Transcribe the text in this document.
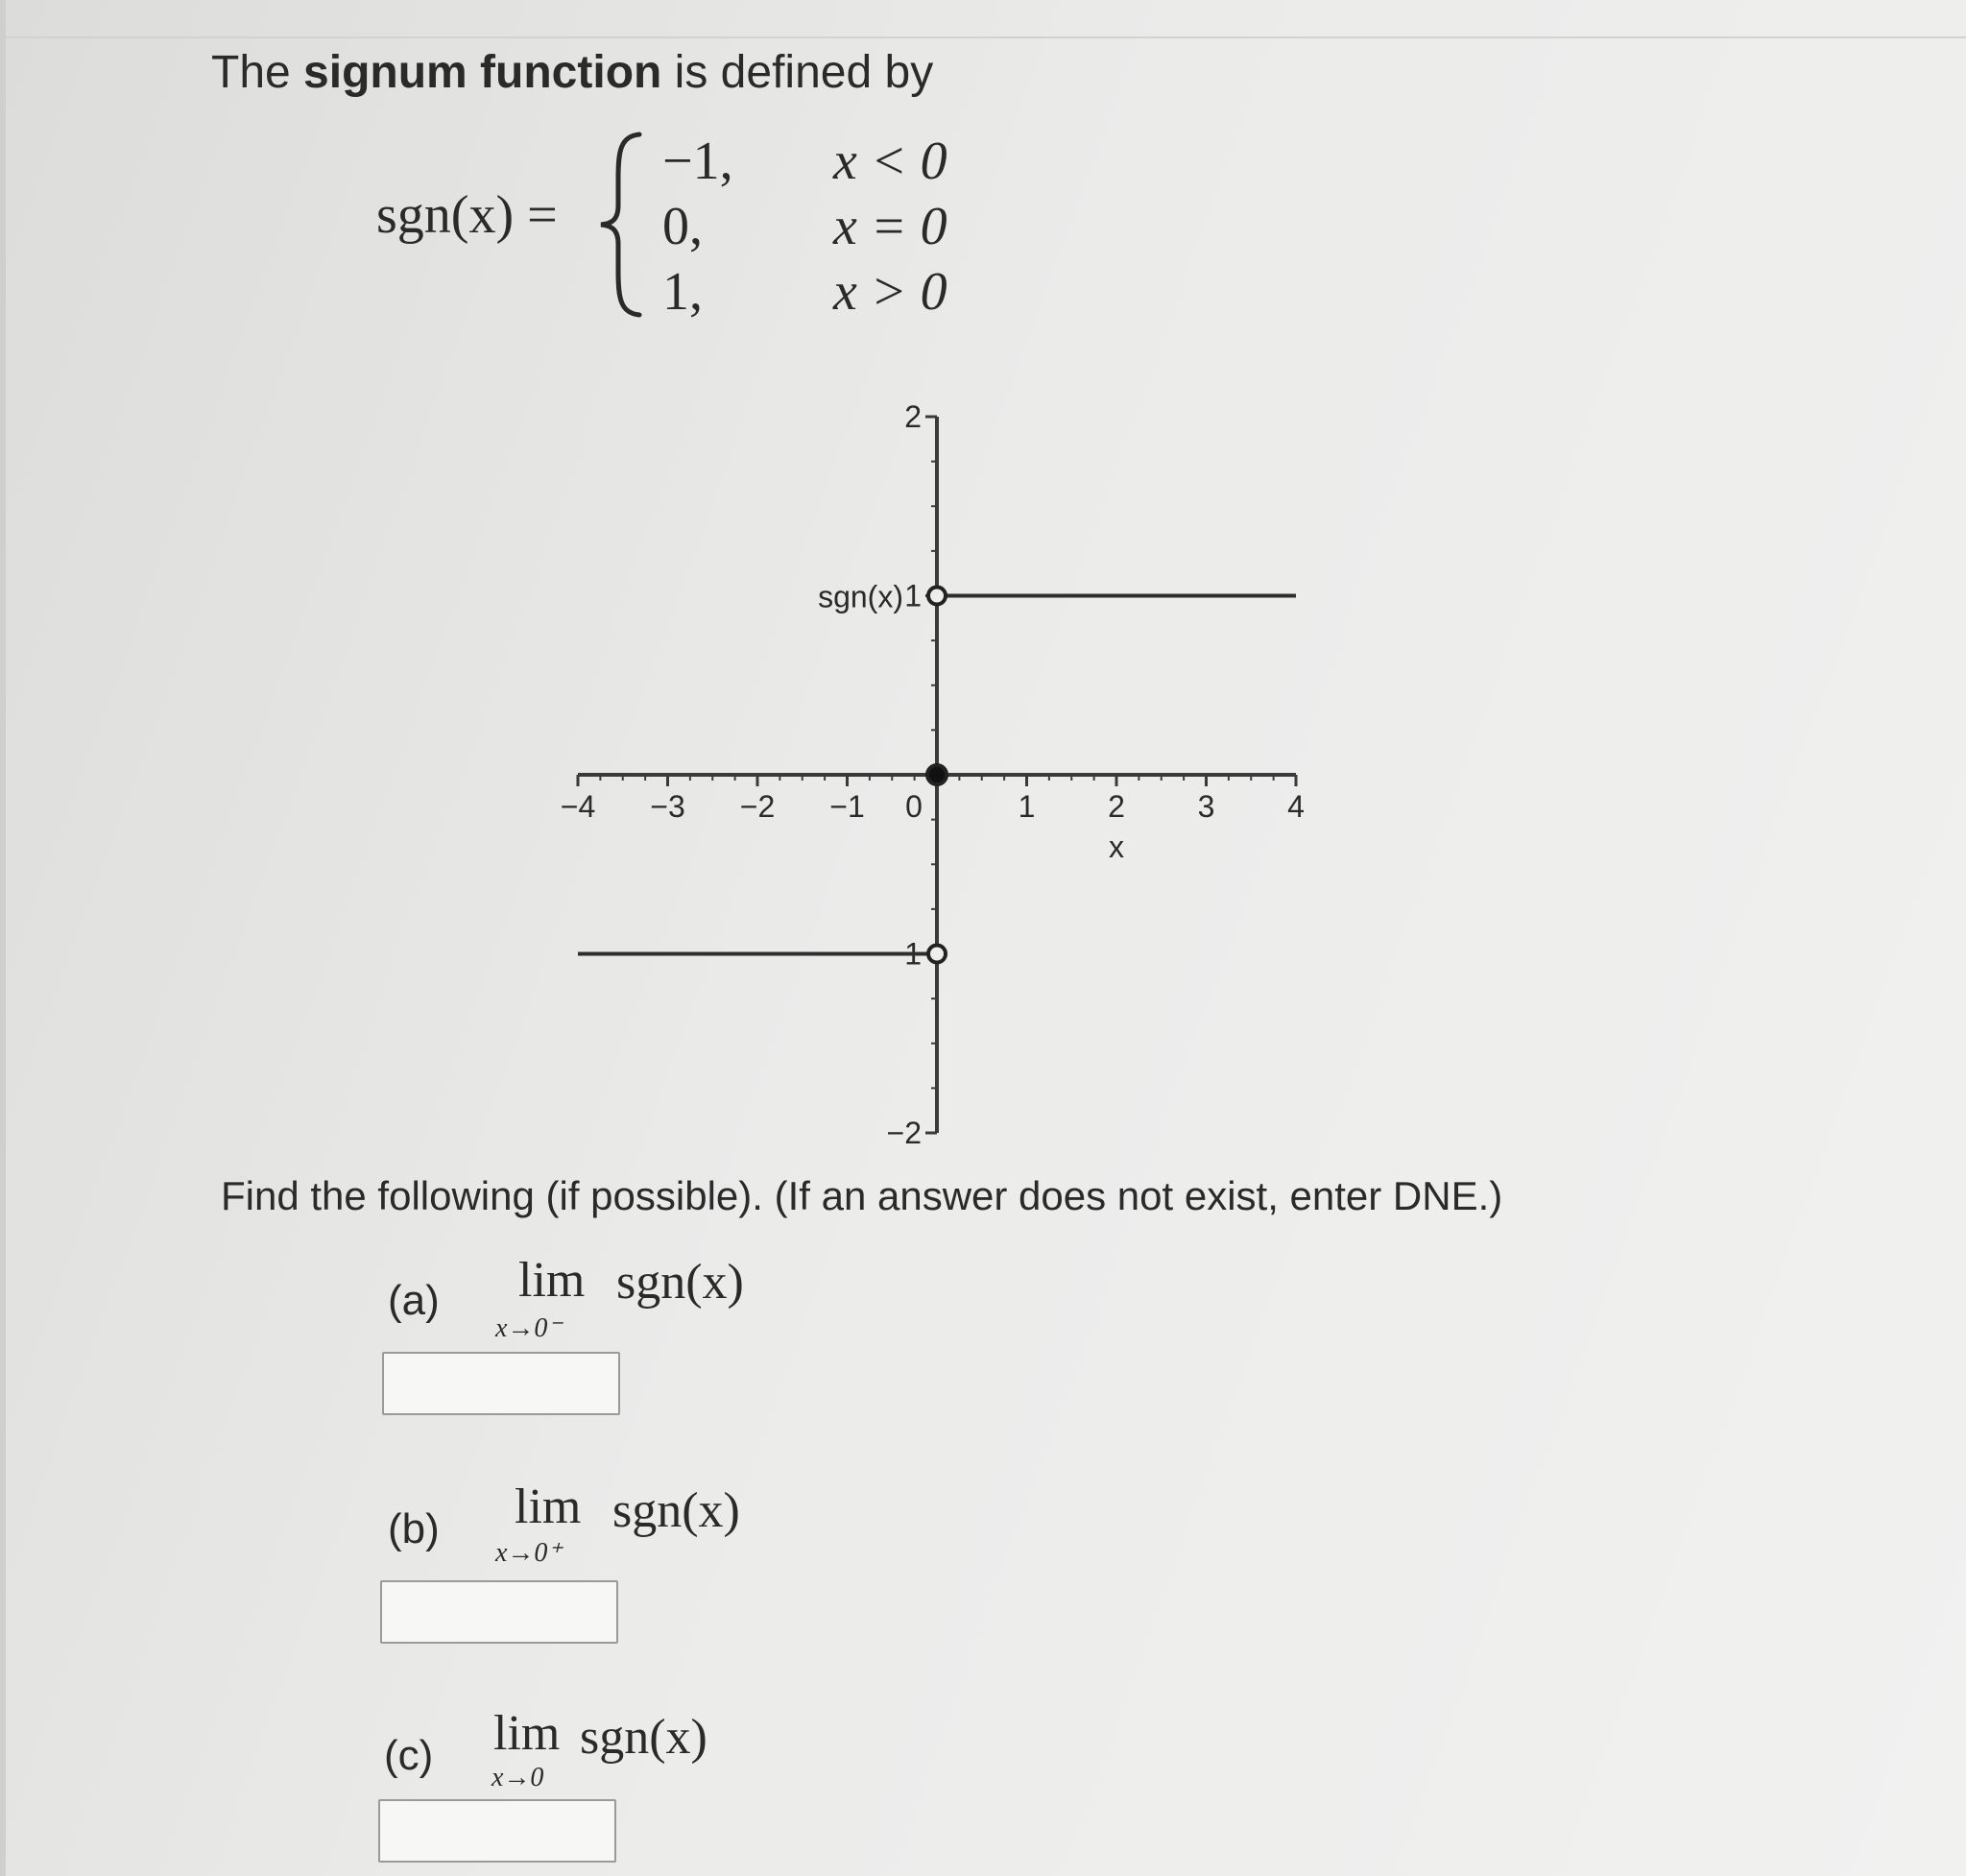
The signum function is defined by
sgn(x) =
−1,
0,
1,
x < 0
x = 0
x > 0
−4 −3 −2 −1 0	1 2 3 4
2
1
−1
−2
x
sgn(x)
Find the following (if possible). (If an answer does not exist, enter DNE.)
(a) lim
x→0⁻
sgn(x)
(b) lim
x→0⁺
sgn(x)
(c) lim
x→0
sgn(x)
